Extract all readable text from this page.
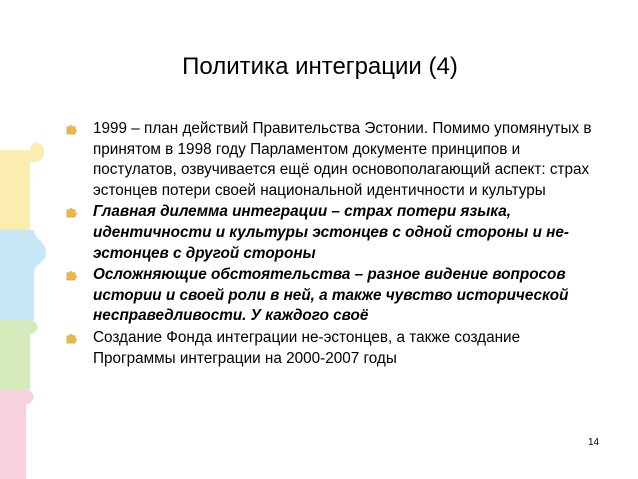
Политика интеграции (4)
1999 – план действий Правительства Эстонии. Помимо упомянутых в принятом в 1998 году Парламентом документе принципов и постулатов, озвучивается ещё один основополагающий аспект: страх эстонцев потери своей национальной идентичности и культуры
Главная дилемма интеграции – страх потери языка, идентичности и культуры эстонцев с одной стороны и не-эстонцев с другой стороны
Осложняющие обстоятельства – разное видение вопросов истории и своей роли в ней, а также чувство исторической несправедливости. У каждого своё
Создание Фонда интеграции не-эстонцев, а также создание Программы интеграции на 2000-2007 годы
14
